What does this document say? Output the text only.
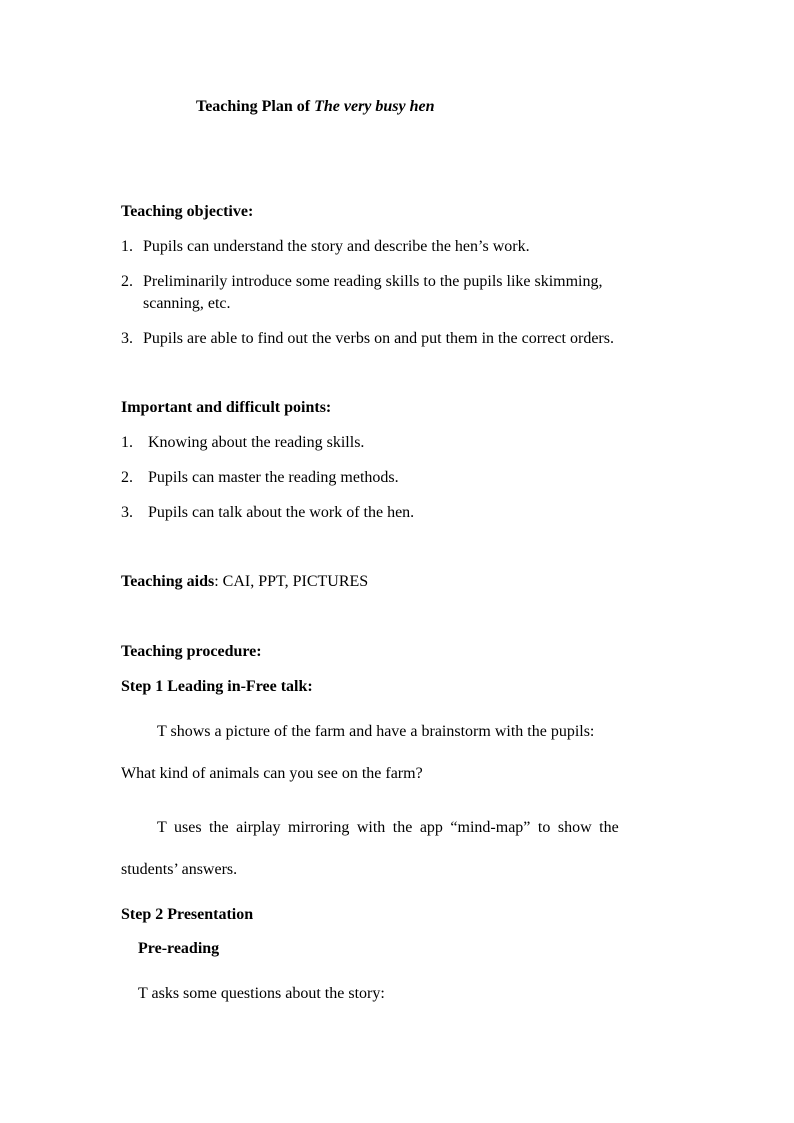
Teaching Plan of The very busy hen
Teaching objective:
1. Pupils can understand the story and describe the hen’s work.
2. Preliminarily introduce some reading skills to the pupils like skimming,
scanning, etc.
3. Pupils are able to find out the verbs on and put them in the correct orders.
Important and difficult points:
1. Knowing about the reading skills.
2. Pupils can master the reading methods.
3. Pupils can talk about the work of the hen.
Teaching aids: CAI, PPT, PICTURES
Teaching procedure:
Step 1 Leading in-Free talk:
T shows a picture of the farm and have a brainstorm with the pupils:
What kind of animals can you see on the farm?
T uses the airplay mirroring with the app “mind-map” to show the
students’ answers.
Step 2 Presentation
Pre-reading
T asks some questions about the story:
